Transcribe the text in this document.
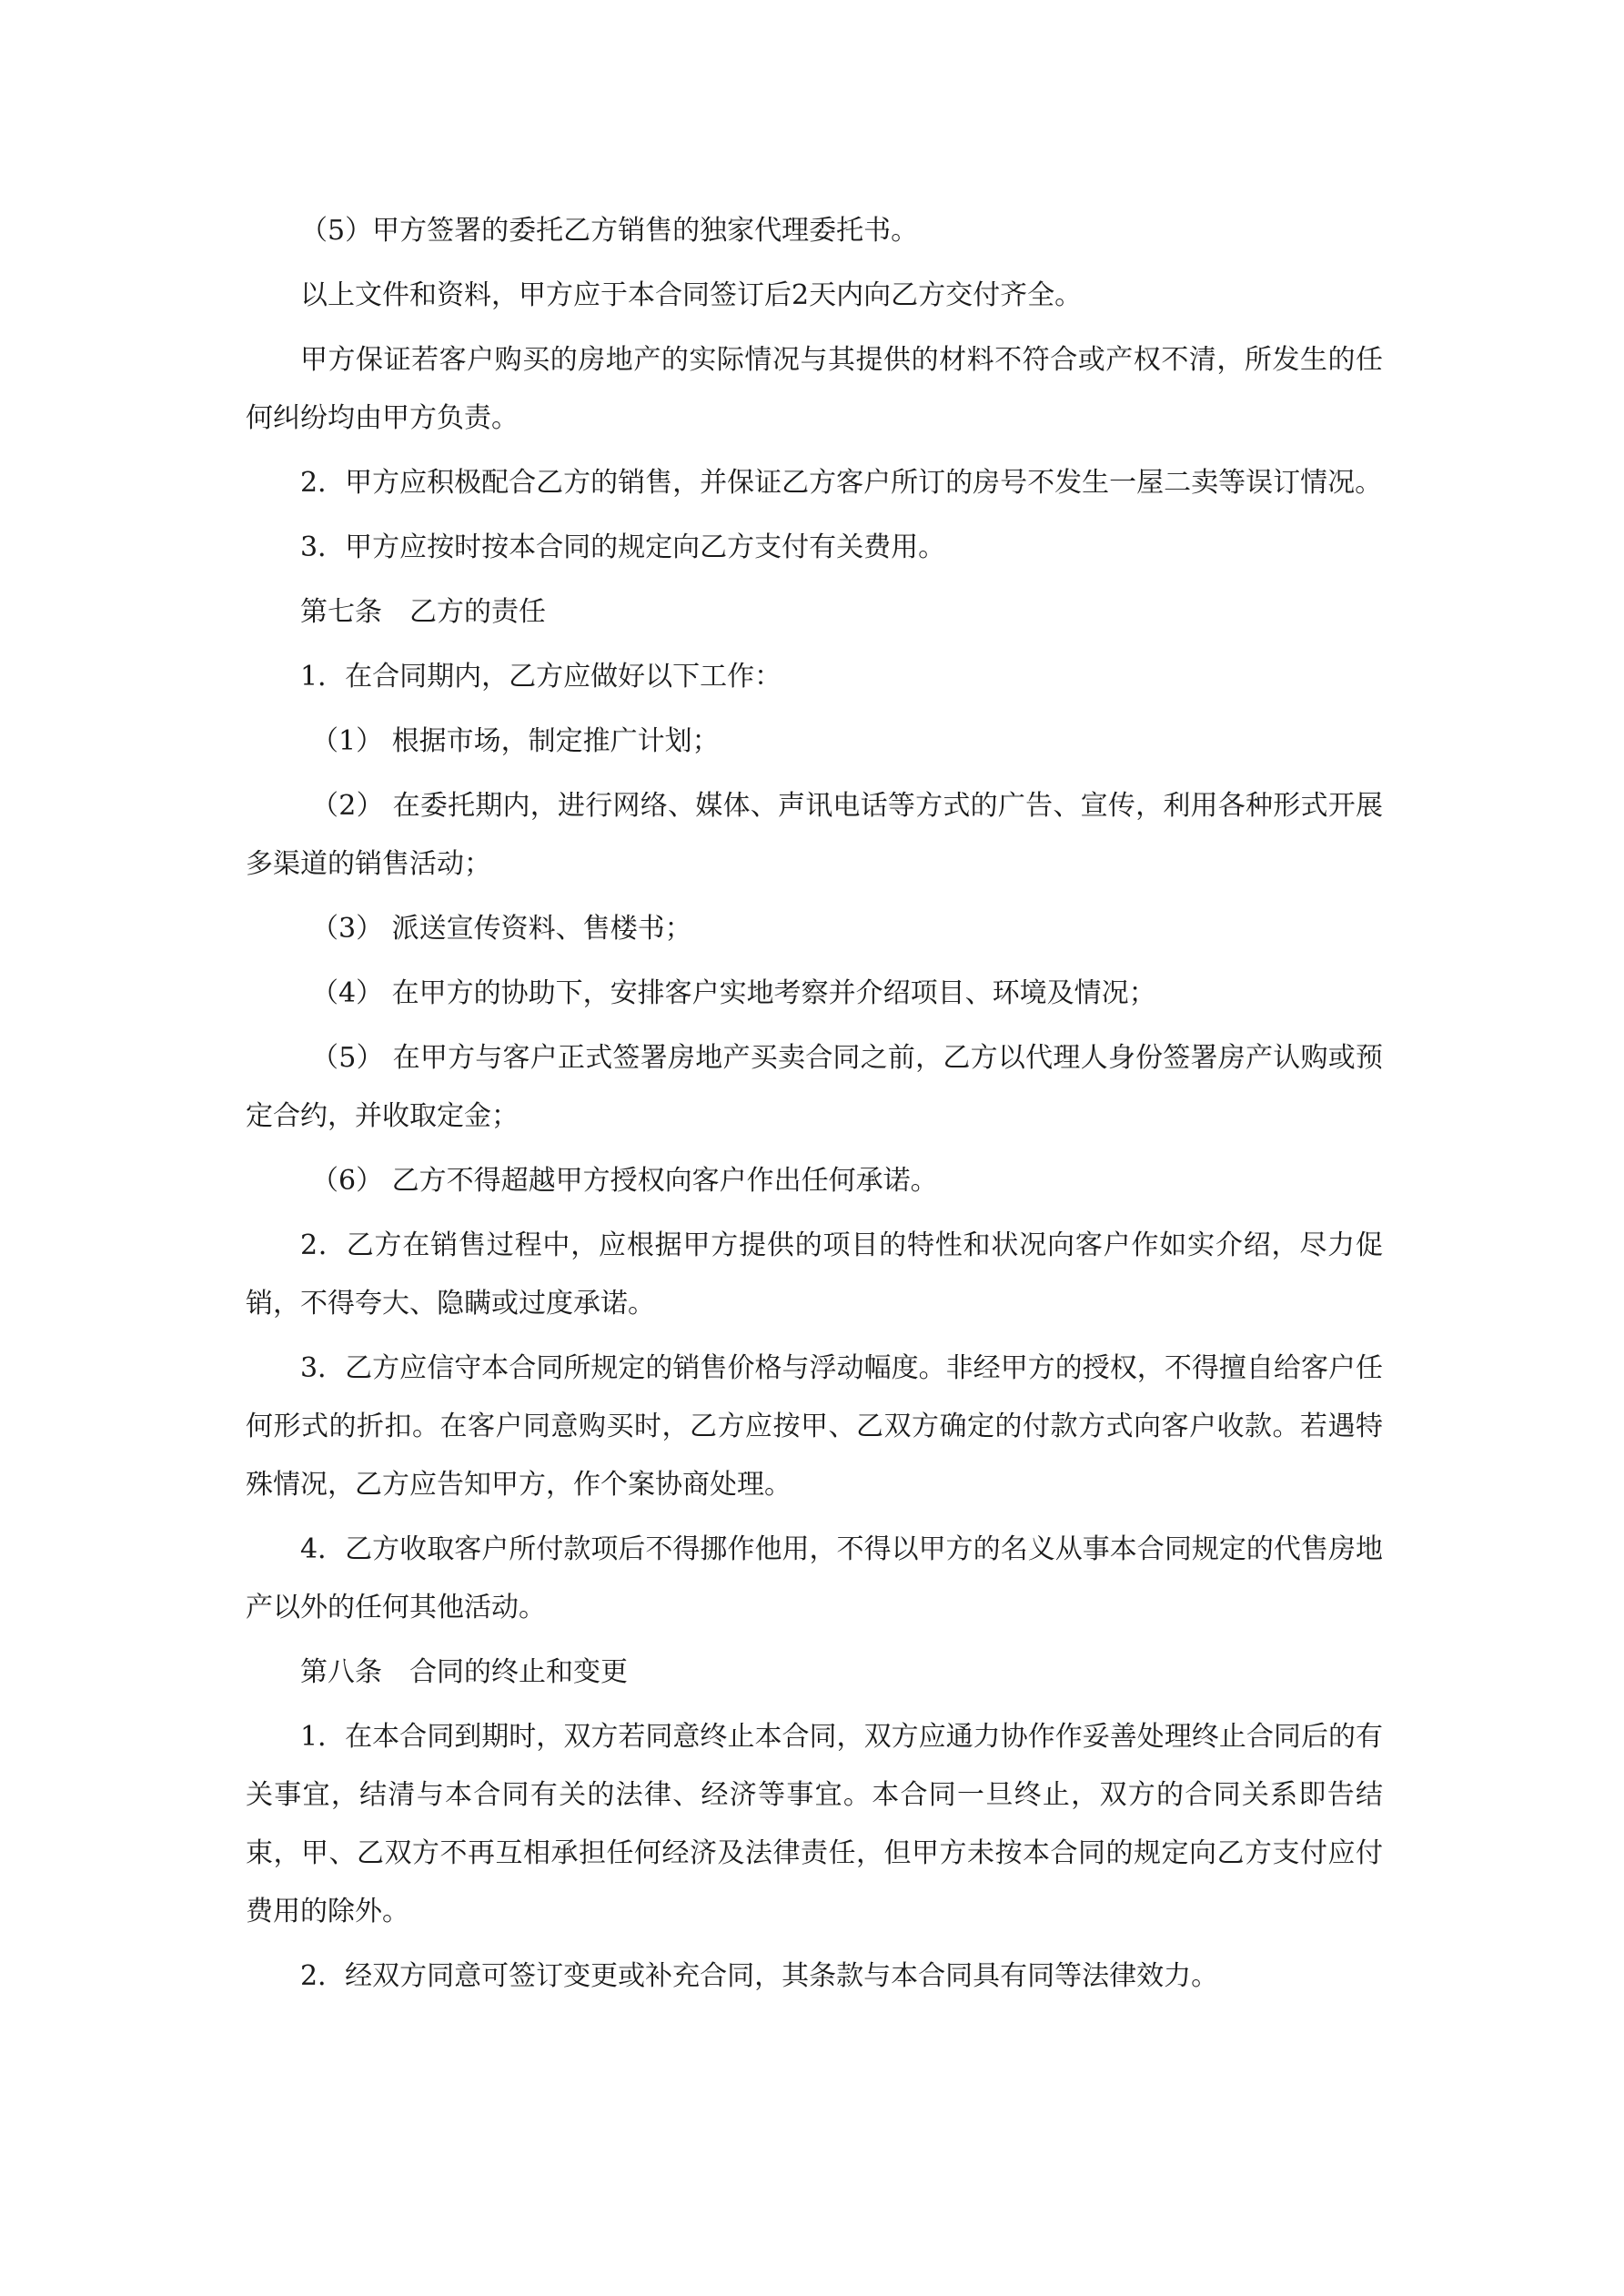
（5）甲方签署的委托乙方销售的独家代理委托书。

以上文件和资料，甲方应于本合同签订后2天内向乙方交付齐全。

甲方保证若客户购买的房地产的实际情况与其提供的材料不符合或产权不清，所发生的任何纠纷均由甲方负责。

2．甲方应积极配合乙方的销售，并保证乙方客户所订的房号不发生一屋二卖等误订情况。

3．甲方应按时按本合同的规定向乙方支付有关费用。

第七条　乙方的责任

1．在合同期内，乙方应做好以下工作：

（1） 根据市场，制定推广计划；

（2） 在委托期内，进行网络、媒体、声讯电话等方式的广告、宣传，利用各种形式开展多渠道的销售活动；

（3） 派送宣传资料、售楼书；

（4） 在甲方的协助下，安排客户实地考察并介绍项目、环境及情况；

（5） 在甲方与客户正式签署房地产买卖合同之前，乙方以代理人身份签署房产认购或预定合约，并收取定金；

（6） 乙方不得超越甲方授权向客户作出任何承诺。

2．乙方在销售过程中，应根据甲方提供的项目的特性和状况向客户作如实介绍，尽力促销，不得夸大、隐瞒或过度承诺。

3．乙方应信守本合同所规定的销售价格与浮动幅度。非经甲方的授权，不得擅自给客户任何形式的折扣。在客户同意购买时，乙方应按甲、乙双方确定的付款方式向客户收款。若遇特殊情况，乙方应告知甲方，作个案协商处理。

4．乙方收取客户所付款项后不得挪作他用，不得以甲方的名义从事本合同规定的代售房地产以外的任何其他活动。

第八条　合同的终止和变更

1．在本合同到期时，双方若同意终止本合同，双方应通力协作作妥善处理终止合同后的有关事宜，结清与本合同有关的法律、经济等事宜。本合同一旦终止，双方的合同关系即告结束，甲、乙双方不再互相承担任何经济及法律责任，但甲方未按本合同的规定向乙方支付应付费用的除外。

2．经双方同意可签订变更或补充合同，其条款与本合同具有同等法律效力。
